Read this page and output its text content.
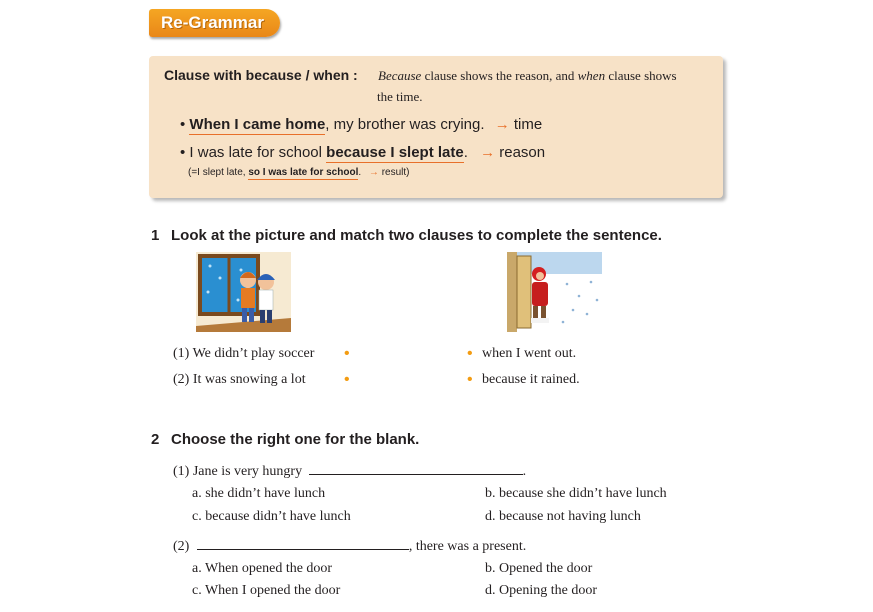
Re-Grammar
Clause with because / when : Because clause shows the reason, and when clause shows
the time.
• When I came home, my brother was crying. → time
• I was late for school because I slept late. → reason
(=I slept late, so I was late for school. → result)
1 Look at the picture and match two clauses to complete the sentence.
(1) We didn’t play soccer •
(2) It was snowing a lot •
• when I went out.
• because it rained.
2 Choose the right one for the blank.
(1) Jane is very hungry	.
a. she didn’t have lunch	b. because she didn’t have lunch
c. because didn’t have lunch	d. because not having lunch
(2)	, there was a present.
a. When opened the door	b. Opened the door
c. When I opened the door	d. Opening the door
